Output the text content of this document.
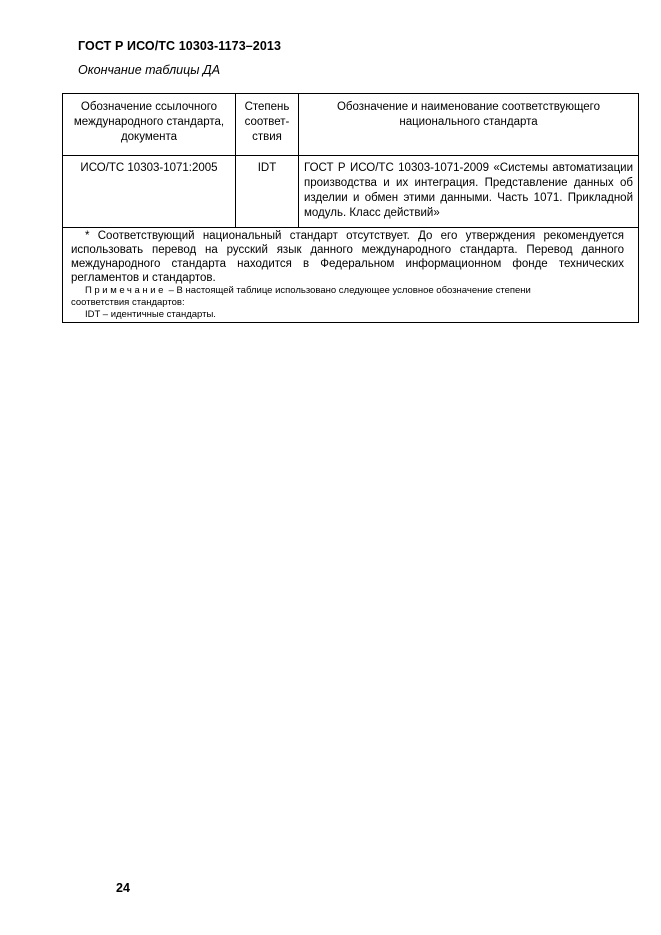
ГОСТ Р ИСО/ТС 10303-1173–2013
Окончание таблицы ДА
Обозначение ссылочного международного стандарта, документа	Степень соответ-ствия	Обозначение и наименование соответствующего национального стандарта
ИСО/ТС 10303-1071:2005	IDT	ГОСТ Р ИСО/ТС 10303-1071-2009 «Системы автоматизации производства и их интеграция. Представление данных об изделии и обмен этими данными. Часть 1071. Прикладной модуль. Класс действий»

* Соответствующий национальный стандарт отсутствует. До его утверждения рекомендуется использовать перевод на русский язык данного международного стандарта. Перевод данного международного стандарта находится в Федеральном информационном фонде технических регламентов и стандартов.

Примечание – В настоящей таблице использовано следующее условное обозначение степени

соответствия стандартов:

IDT – идентичные стандарты.		

24
